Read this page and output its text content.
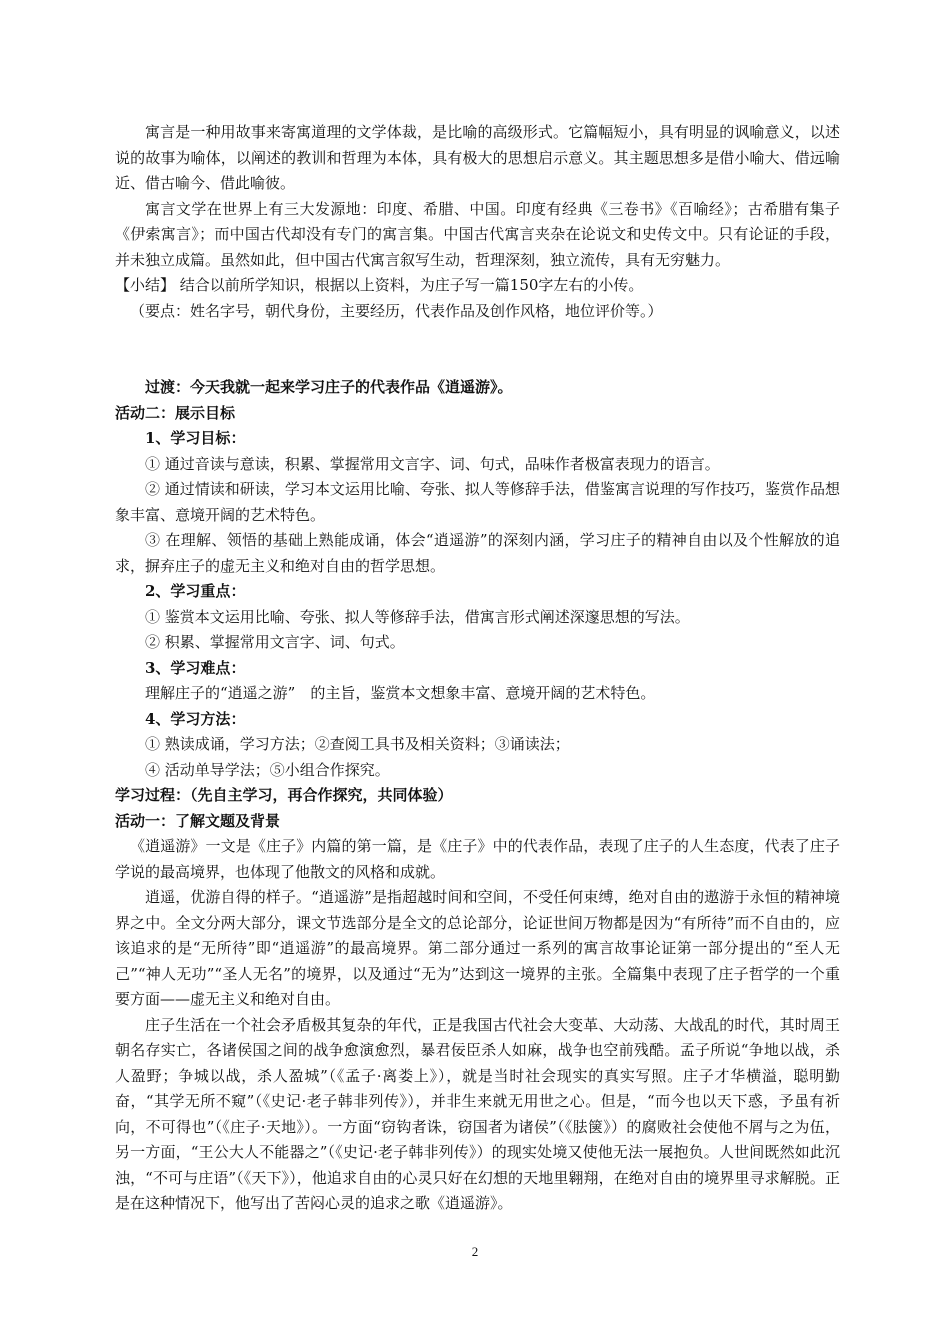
寓言是一种用故事来寄寓道理的文学体裁，是比喻的高级形式。它篇幅短小，具有明显的讽喻意义，以述说的故事为喻体，以阐述的教训和哲理为本体，具有极大的思想启示意义。其主题思想多是借小喻大、借远喻近、借古喻今、借此喻彼。

寓言文学在世界上有三大发源地：印度、希腊、中国。印度有经典《三卷书》《百喻经》；古希腊有集子《伊索寓言》；而中国古代却没有专门的寓言集。中国古代寓言夹杂在论说文和史传文中。只有论证的手段，并未独立成篇。虽然如此，但中国古代寓言叙写生动，哲理深刻，独立流传，具有无穷魅力。

【小结】 结合以前所学知识，根据以上资料，为庄子写一篇150字左右的小传。

（要点：姓名字号，朝代身份，主要经历，代表作品及创作风格，地位评价等。）

过渡：今天我就一起来学习庄子的代表作品《逍遥游》。

活动二：展示目标

1、学习目标：

① 通过音读与意读，积累、掌握常用文言字、词、句式，品味作者极富表现力的语言。

② 通过情读和研读，学习本文运用比喻、夸张、拟人等修辞手法，借鉴寓言说理的写作技巧，鉴赏作品想象丰富、意境开阔的艺术特色。

③ 在理解、领悟的基础上熟能成诵，体会“逍遥游”的深刻内涵，学习庄子的精神自由以及个性解放的追求，摒弃庄子的虚无主义和绝对自由的哲学思想。

2、学习重点：

① 鉴赏本文运用比喻、夸张、拟人等修辞手法，借寓言形式阐述深邃思想的写法。

② 积累、掌握常用文言字、词、句式。

3、学习难点：

理解庄子的“逍遥之游”　的主旨，鉴赏本文想象丰富、意境开阔的艺术特色。

4、学习方法：

① 熟读成诵，学习方法；②查阅工具书及相关资料；③诵读法；

④ 活动单导学法；⑤小组合作探究。

学习过程：（先自主学习，再合作探究，共同体验）

活动一：了解文题及背景

《逍遥游》一文是《庄子》内篇的第一篇，是《庄子》中的代表作品，表现了庄子的人生态度，代表了庄子学说的最高境界，也体现了他散文的风格和成就。

逍遥，优游自得的样子。“逍遥游”是指超越时间和空间，不受任何束缚，绝对自由的遨游于永恒的精神境界之中。全文分两大部分，课文节选部分是全文的总论部分，论证世间万物都是因为“有所待”而不自由的，应该追求的是“无所待”即“逍遥游”的最高境界。第二部分通过一系列的寓言故事论证第一部分提出的“至人无己”“神人无功”“圣人无名”的境界，以及通过“无为”达到这一境界的主张。全篇集中表现了庄子哲学的一个重要方面——虚无主义和绝对自由。

庄子生活在一个社会矛盾极其复杂的年代，正是我国古代社会大变革、大动荡、大战乱的时代，其时周王朝名存实亡，各诸侯国之间的战争愈演愈烈，暴君佞臣杀人如麻，战争也空前残酷。孟子所说“争地以战，杀人盈野；争城以战，杀人盈城”（《孟子·离娄上》），就是当时社会现实的真实写照。庄子才华横溢，聪明勤奋，“其学无所不窥”（《史记·老子韩非列传》），并非生来就无用世之心。但是，“而今也以天下惑，予虽有祈向，不可得也”（《庄子·天地》）。一方面“窃钩者诛，窃国者为诸侯”（《胠箧》）的腐败社会使他不屑与之为伍，另一方面，“王公大人不能器之”（《史记·老子韩非列传》）的现实处境又使他无法一展抱负。人世间既然如此沉浊，“不可与庄语”（《天下》），他追求自由的心灵只好在幻想的天地里翱翔，在绝对自由的境界里寻求解脱。正是在这种情况下，他写出了苦闷心灵的追求之歌《逍遥游》。

2
